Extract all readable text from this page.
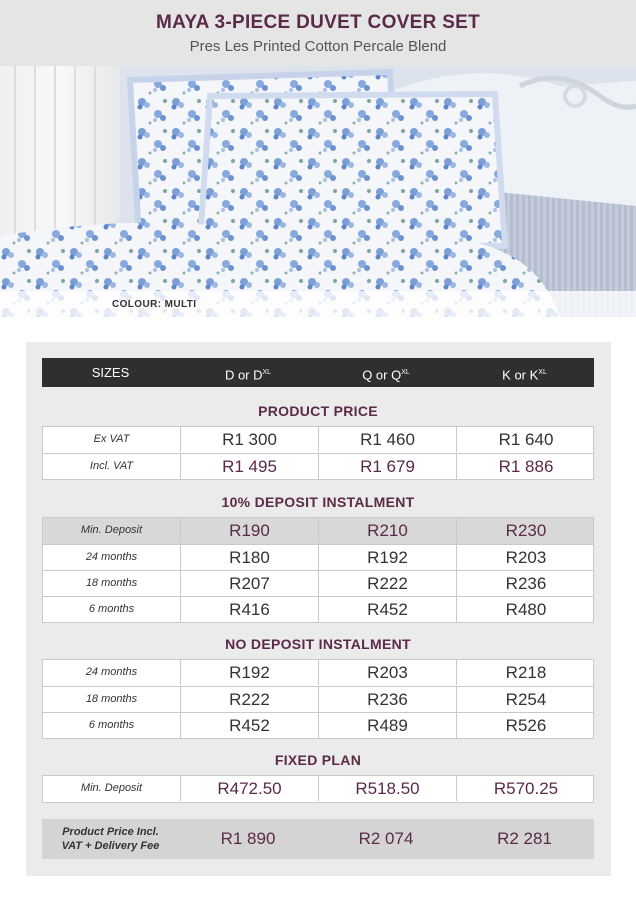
MAYA 3-PIECE DUVET COVER SET
Pres Les Printed Cotton Percale Blend
COLOUR: MULTI
SIZES	D or $D^{XL}$	Q or $Q^{XL}$	K or $K^{XL}$
PRODUCT PRICE
Ex VAT	R1 300	R1 460	R1 640
Incl. VAT	R1 495	R1 679	R1 886
10% DEPOSIT INSTALMENT
Min. Deposit	R190	R210	R230
24 months	R180	R192	R203
18 months	R207	R222	R236
6 months	R416	R452	R480
NO DEPOSIT INSTALMENT
24 months	R192	R203	R218
18 months	R222	R236	R254
6 months	R452	R489	R526
FIXED PLAN
Min. Deposit	R472.50	R518.50	R570.25
Product Price Incl.
VAT + Delivery Fee	R1 890	R2 074	R2 281
